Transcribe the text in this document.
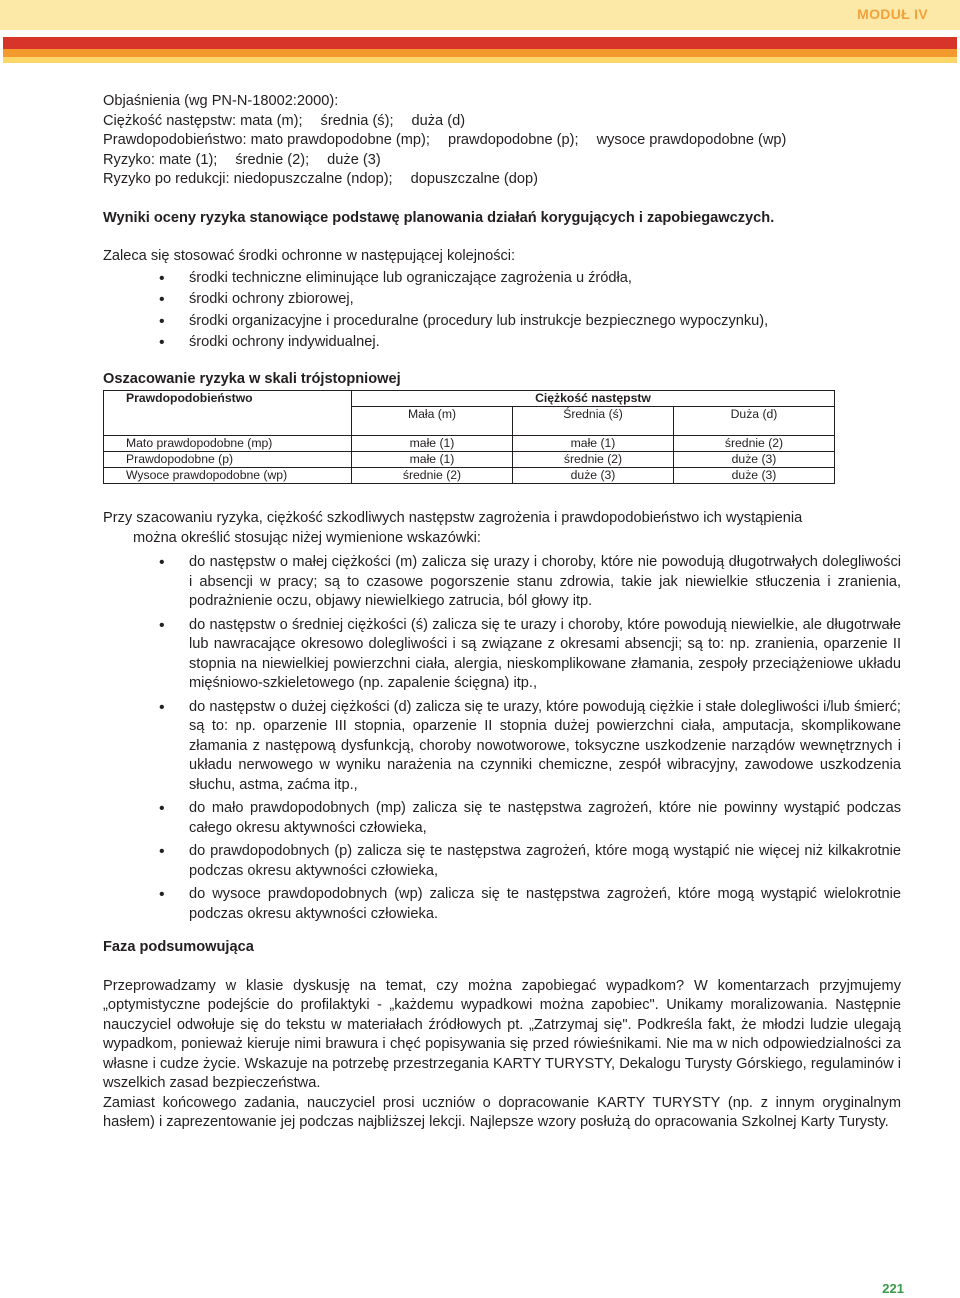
MODUŁ IV
Objaśnienia (wg PN-N-18002:2000):
Ciężkość następstw: mata (m); średnia (ś); duża (d)
Prawdopodobieństwo: mato prawdopodobne (mp); prawdopodobne (p); wysoce prawdopodobne (wp)
Ryzyko: mate (1); średnie (2); duże (3)
Ryzyko po redukcji: niedopuszczalne (ndop); dopuszczalne (dop)
Wyniki oceny ryzyka stanowiące podstawę planowania działań korygujących i zapobiegawczych.
Zaleca się stosować środki ochronne w następującej kolejności:
• środki techniczne eliminujące lub ograniczające zagrożenia u źródła,
• środki ochrony zbiorowej,
• środki organizacyjne i proceduralne (procedury lub instrukcje bezpiecznego wypoczynku),
• środki ochrony indywidualnej.
Oszacowanie ryzyka w skali trójstopniowej
Prawdopodobieństwo	Ciężkość następstw		
	Mała (m)	Średnia (ś)	Duża (d)
Mato prawdopodobne (mp)	małe (1)	małe (1)	średnie (2)
Prawdopodobne (p)	małe (1)	średnie (2)	duże (3)
Wysoce prawdopodobne (wp)	średnie (2)	duże (3)	duże (3)
Przy szacowaniu ryzyka, ciężkość szkodliwych następstw zagrożenia i prawdopodobieństwo ich wystąpienia
można określić stosując niżej wymienione wskazówki:
• do następstw o małej ciężkości (m) zalicza się urazy i choroby, które nie powodują długotrwałych dolegliwości i absencji w pracy; są to czasowe pogorszenie stanu zdrowia, takie jak niewielkie stłuczenia i zranienia, podrażnienie oczu, objawy niewielkiego zatrucia, ból głowy itp.
• do następstw o średniej ciężkości (ś) zalicza się te urazy i choroby, które powodują niewielkie, ale długotrwałe lub nawracające okresowo dolegliwości i są związane z okresami absencji; są to: np. zranienia, oparzenie II stopnia na niewielkiej powierzchni ciała, alergia, nieskomplikowane złamania, zespoły przeciążeniowe układu mięśniowo-szkieletowego (np. zapalenie ścięgna) itp.,
• do następstw o dużej ciężkości (d) zalicza się te urazy, które powodują ciężkie i stałe dolegliwości i/lub śmierć; są to: np. oparzenie III stopnia, oparzenie II stopnia dużej powierzchni ciała, amputacja, skomplikowane złamania z następową dysfunkcją, choroby nowotworowe, toksyczne uszkodzenie narządów wewnętrznych i układu nerwowego w wyniku narażenia na czynniki chemiczne, zespół wibracyjny, zawodowe uszkodzenia słuchu, astma, zaćma itp.,
• do mało prawdopodobnych (mp) zalicza się te następstwa zagrożeń, które nie powinny wystąpić podczas całego okresu aktywności człowieka,
• do prawdopodobnych (p) zalicza się te następstwa zagrożeń, które mogą wystąpić nie więcej niż kilkakrotnie podczas okresu aktywności człowieka,
• do wysoce prawdopodobnych (wp) zalicza się te następstwa zagrożeń, które mogą wystąpić wielokrotnie podczas okresu aktywności człowieka.
Faza podsumowująca
Przeprowadzamy w klasie dyskusję na temat, czy można zapobiegać wypadkom? W komentarzach przyjmujemy „optymistyczne podejście do profilaktyki - „każdemu wypadkowi można zapobiec". Unikamy moralizowania. Następnie nauczyciel odwołuje się do tekstu w materiałach źródłowych pt. „Zatrzymaj się". Podkreśla fakt, że młodzi ludzie ulegają wypadkom, ponieważ kieruje nimi brawura i chęć popisywania się przed rówieśnikami. Nie ma w nich odpowiedzialności za własne i cudze życie. Wskazuje na potrzebę przestrzegania KARTY TURYSTY, Dekalogu Turysty Górskiego, regulaminów i wszelkich zasad bezpieczeństwa.
Zamiast końcowego zadania, nauczyciel prosi uczniów o dopracowanie KARTY TURYSTY (np. z innym oryginalnym hasłem) i zaprezentowanie jej podczas najbliższej lekcji. Najlepsze wzory posłużą do opracowania Szkolnej Karty Turysty.
221
